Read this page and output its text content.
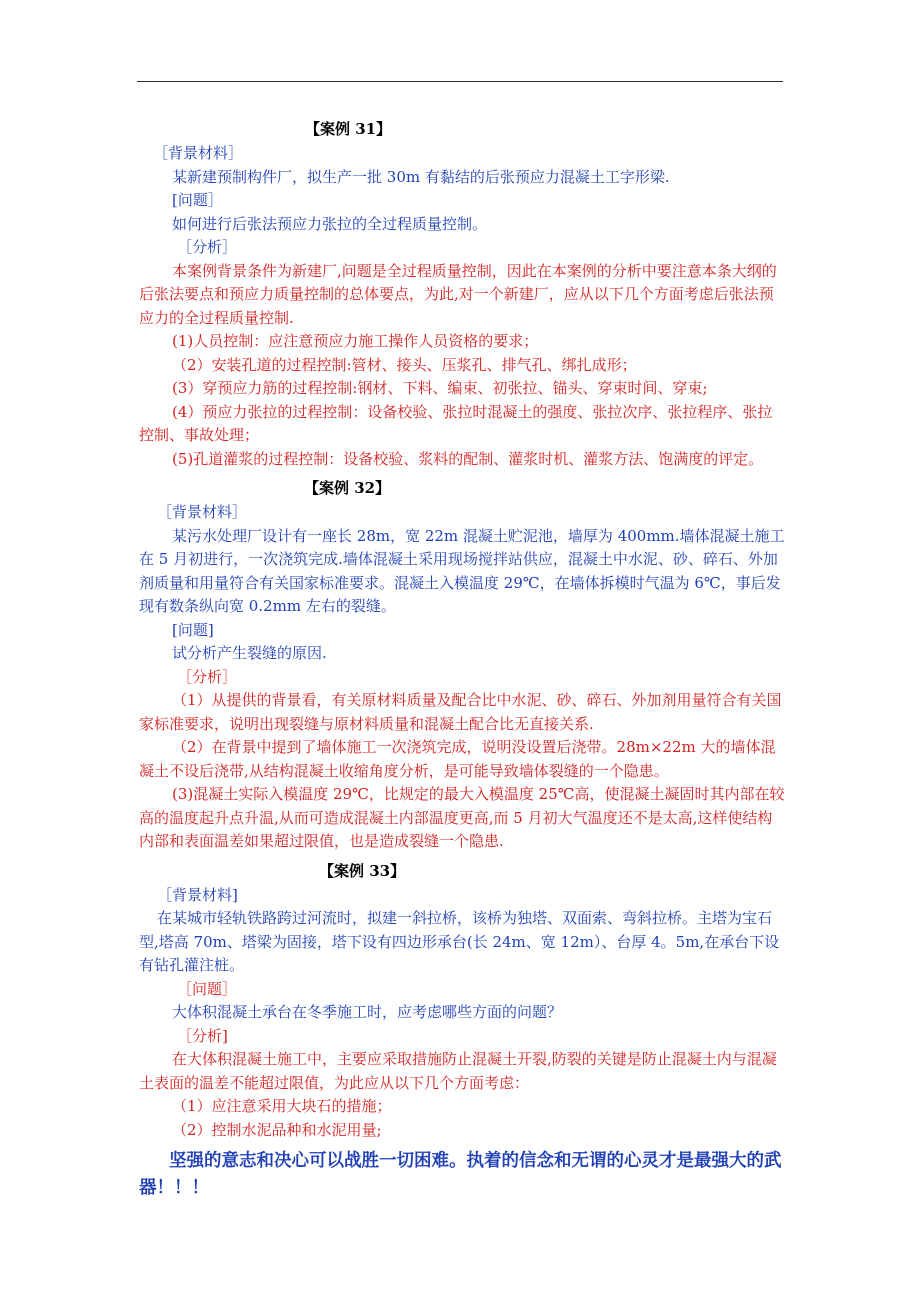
【案例 31】

［背景材料］

某新建预制构件厂，拟生产一批 30m 有黏结的后张预应力混凝土工字形梁.

[问题］

如何进行后张法预应力张拉的全过程质量控制。

［分析］

本案例背景条件为新建厂,问题是全过程质量控制，因此在本案例的分析中要注意本条大纲的后张法要点和预应力质量控制的总体要点，为此,对一个新建厂，应从以下几个方面考虑后张法预应力的全过程质量控制.

(1)人员控制：应注意预应力施工操作人员资格的要求；

（2）安装孔道的过程控制:管材、接头、压浆孔、排气孔、绑扎成形；

(3）穿预应力筋的过程控制:钢材、下料、编束、初张拉、锚头、穿束时间、穿束;

(4）预应力张拉的过程控制：设备校验、张拉时混凝土的强度、张拉次序、张拉程序、张拉控制、事故处理；

(5)孔道灌浆的过程控制：设备校验、浆料的配制、灌浆时机、灌浆方法、饱满度的评定。

【案例 32】

［背景材料］

某污水处理厂设计有一座长 28m，宽 22m 混凝土贮泥池，墙厚为 400mm.墙体混凝土施工在 5 月初进行，一次浇筑完成.墙体混凝土采用现场搅拌站供应，混凝土中水泥、砂、碎石、外加剂质量和用量符合有关国家标准要求。混凝土入模温度 29℃，在墙体拆模时气温为 6℃，事后发现有数条纵向宽 0.2mm 左右的裂缝。

[问题]

试分析产生裂缝的原因.

［分析］

（1）从提供的背景看，有关原材料质量及配合比中水泥、砂、碎石、外加剂用量符合有关国家标准要求，说明出现裂缝与原材料质量和混凝土配合比无直接关系.

（2）在背景中提到了墙体施工一次浇筑完成，说明没设置后浇带。28m×22m 大的墙体混凝土不设后浇带,从结构混凝土收缩角度分析，是可能导致墙体裂缝的一个隐患。

(3)混凝土实际入模温度 29℃，比规定的最大入模温度 25℃高，使混凝土凝固时其内部在较高的温度起升点升温,从而可造成混凝土内部温度更高,而 5 月初大气温度还不是太高,这样使结构内部和表面温差如果超过限值，也是造成裂缝一个隐患.

【案例 33】

［背景材料]

在某城市轻轨铁路跨过河流时，拟建一斜拉桥，该桥为独塔、双面索、弯斜拉桥。主塔为宝石型,塔高 70m、塔梁为固接，塔下设有四边形承台(长 24m、宽 12m）、台厚 4。5m,在承台下设有钻孔灌注桩。

［问题］

大体积混凝土承台在冬季施工时，应考虑哪些方面的问题？

［分析]

在大体积混凝土施工中，主要应采取措施防止混凝土开裂,防裂的关键是防止混凝土内与混凝土表面的温差不能超过限值，为此应从以下几个方面考虑：

（1）应注意采用大块石的措施；

（2）控制水泥品种和水泥用量;

坚强的意志和决心可以战胜一切困难。执着的信念和无谓的心灵才是最强大的武器！！！
